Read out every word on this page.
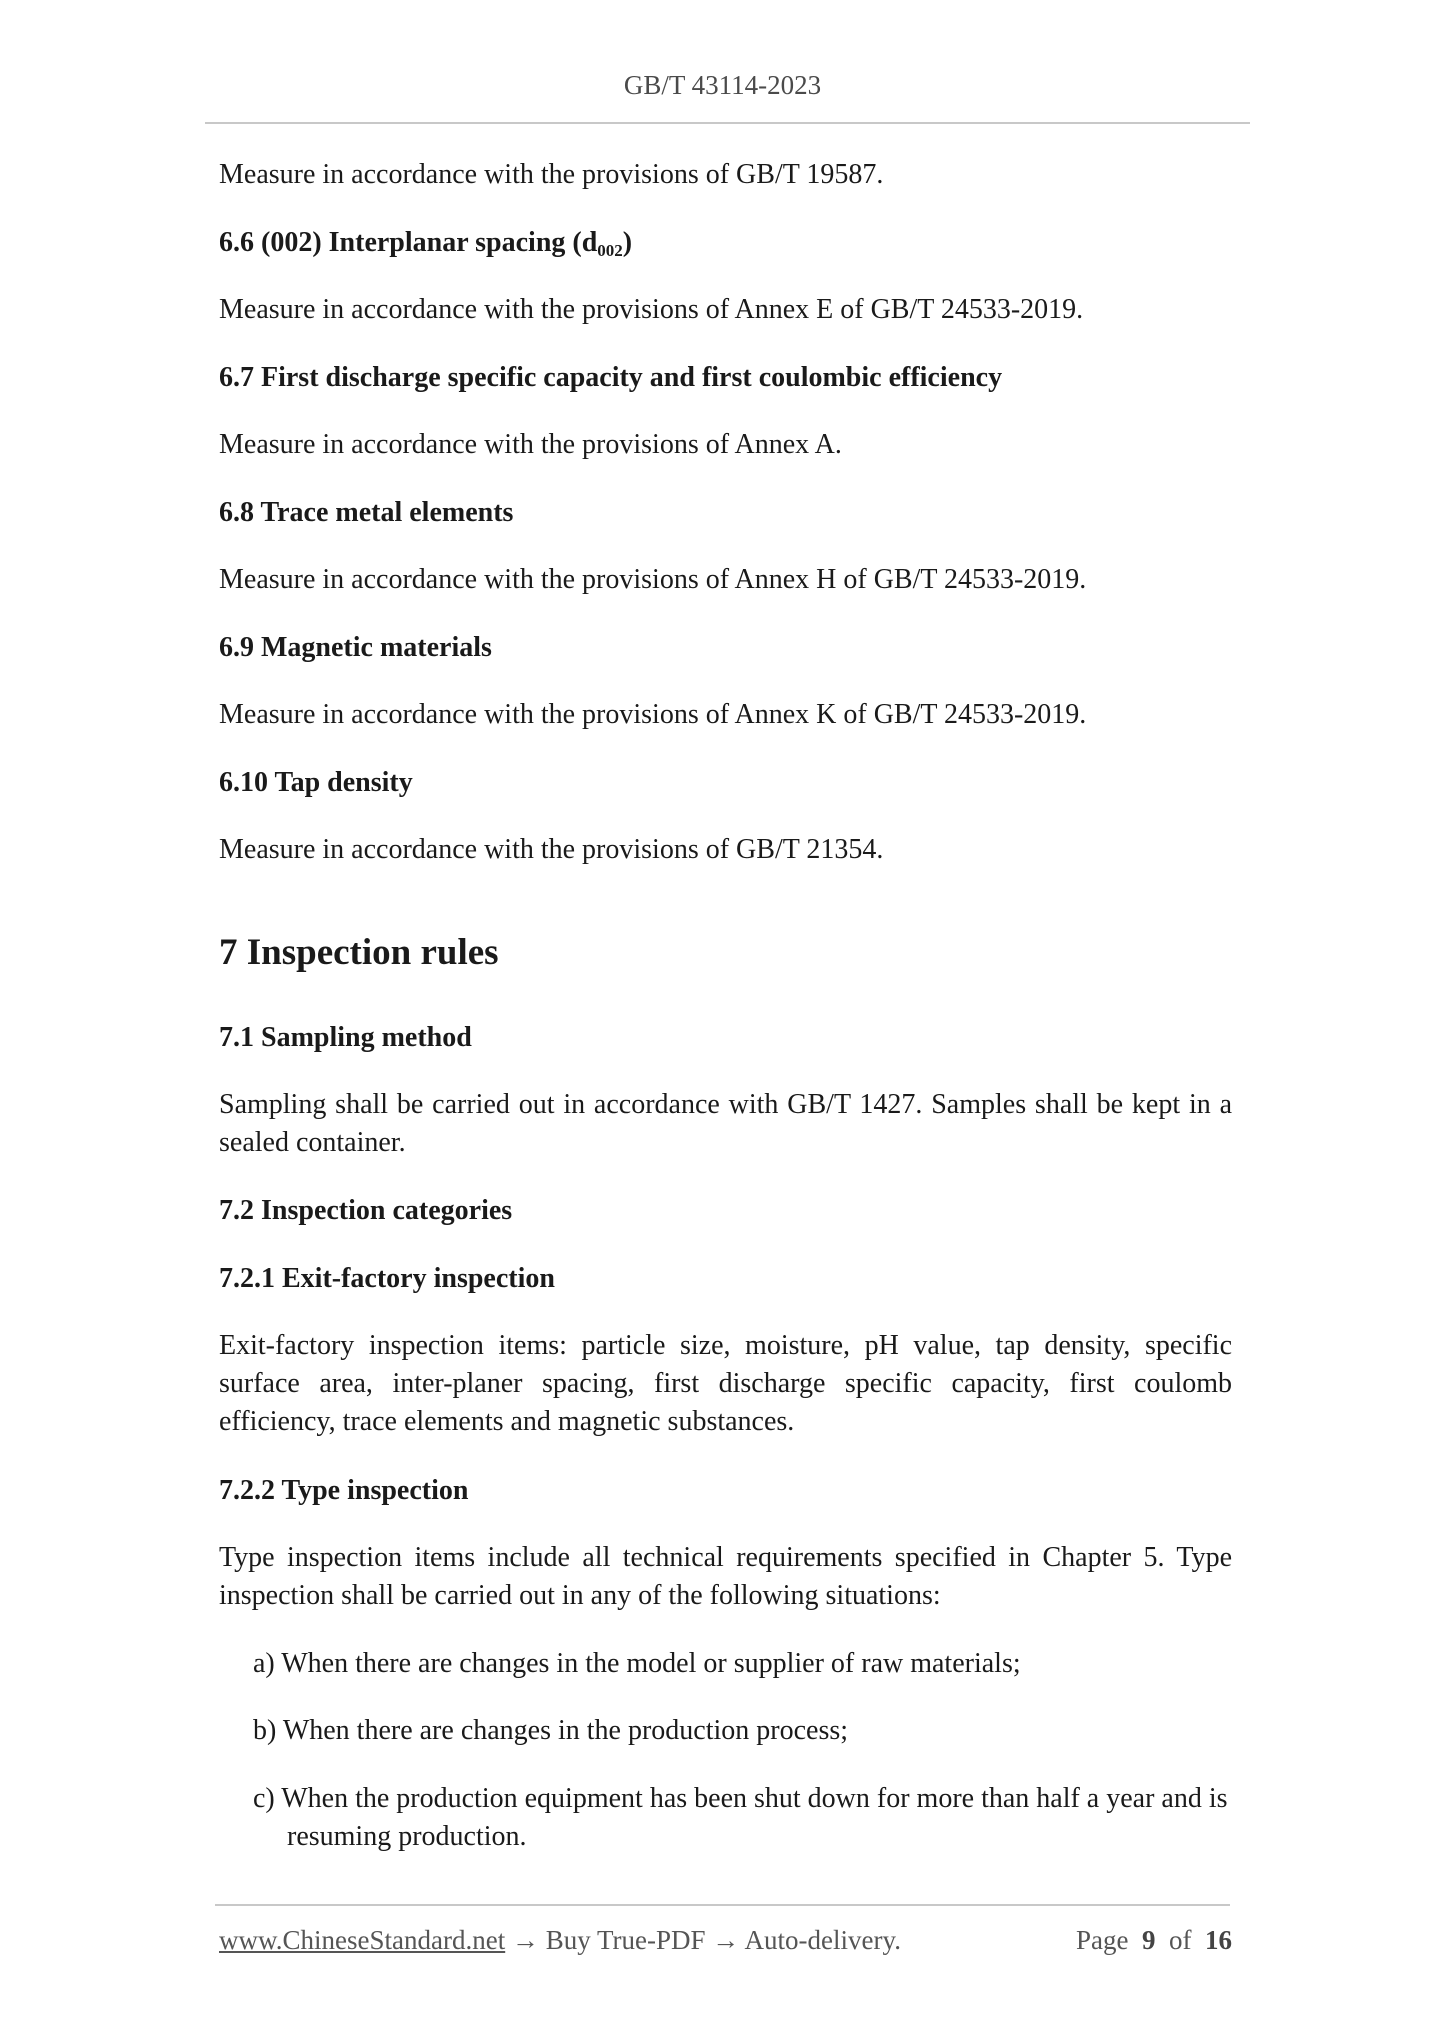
GB/T 43114-2023

Measure in accordance with the provisions of GB/T 19587.

6.6 (002) Interplanar spacing $(d_{002})$

Measure in accordance with the provisions of Annex E of GB/T 24533-2019.

6.7 First discharge specific capacity and first coulombic efficiency

Measure in accordance with the provisions of Annex A.

6.8 Trace metal elements

Measure in accordance with the provisions of Annex H of GB/T 24533-2019.

6.9 Magnetic materials

Measure in accordance with the provisions of Annex K of GB/T 24533-2019.

6.10 Tap density

Measure in accordance with the provisions of GB/T 21354.

7 Inspection rules
7.1 Sampling method

Sampling shall be carried out in accordance with GB/T 1427. Samples shall be kept in a sealed container.

7.2 Inspection categories
7.2.1 Exit-factory inspection

Exit-factory inspection items: particle size, moisture, pH value, tap density, specific surface area, inter-planer spacing, first discharge specific capacity, first coulomb efficiency, trace elements and magnetic substances.

7.2.2 Type inspection

Type inspection items include all technical requirements specified in Chapter 5. Type inspection shall be carried out in any of the following situations:

a) When there are changes in the model or supplier of raw materials;

b) When there are changes in the production process;

c) When the production equipment has been shut down for more than half a year and is resuming production.

www.ChineseStandard.net → Buy True-PDF → Auto-delivery.	Page 9 of 16
